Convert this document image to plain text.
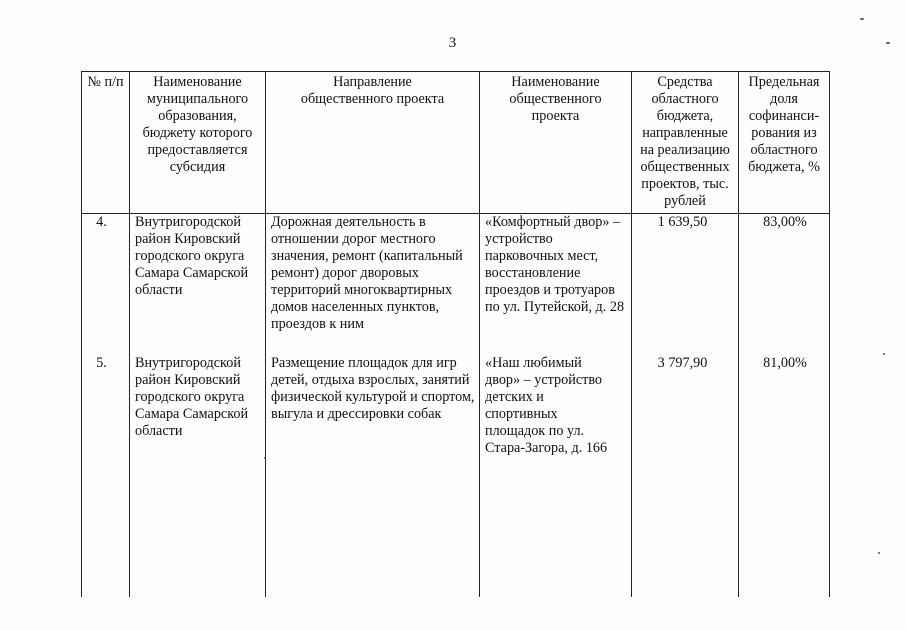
3
№ п/п	Наименование муниципального образования, бюджету которого предоставляется субсидия	Направление общественного проекта	Наименование общественного проекта	Средства областного бюджета, направленные на реализацию общественных проектов, тыс. рублей	Предельная доля софинанси-рования из областного бюджета, %
4.	Внутригородской район Кировский городского округа Самара Самарской области	Дорожная деятельность в отношении дорог местного значения, ремонт (капитальный ремонт) дорог дворовых территорий многоквартирных домов населенных пунктов, проездов к ним	«Комфортный двор» – устройство парковочных мест, восстановление проездов и тротуаров по ул. Путейской, д. 28	1 639,50	83,00%
5.	Внутригородской район Кировский городского округа Самара Самарской области	Размещение площадок для игр детей, отдыха взрослых, занятий физической культурой и спортом, выгула и дрессировки собак	«Наш любимый двор» – устройство детских и спортивных площадок по ул. Стара-Загора, д. 166	3 797,90	81,00%
